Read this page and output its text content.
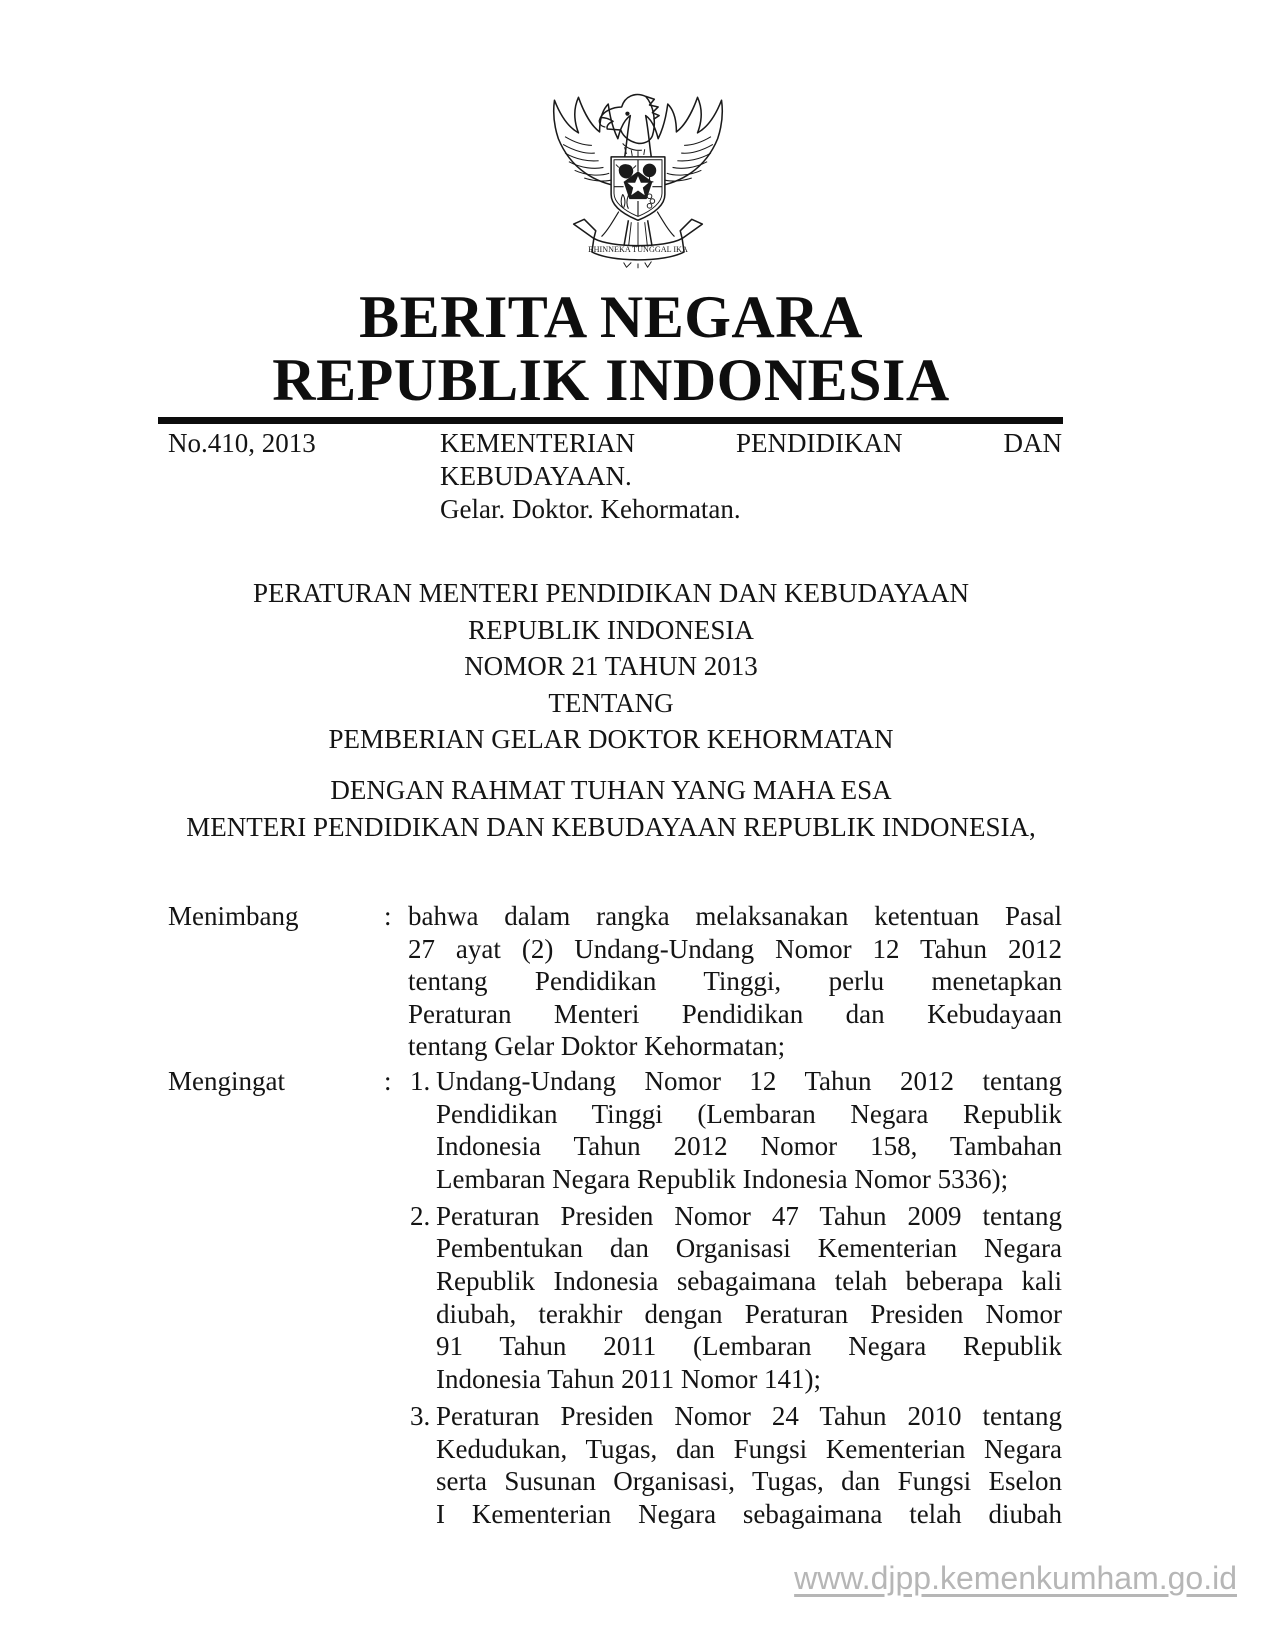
BHINNEKA TUNGGAL IKA
BERITA NEGARA
REPUBLIK INDONESIA
No.410, 2013	KEMENTERIAN PENDIDIKAN DAN KEBUDAYAAN.
Gelar. Doktor. Kehormatan.
PERATURAN MENTERI PENDIDIKAN DAN KEBUDAYAAN
REPUBLIK INDONESIA
NOMOR 21 TAHUN 2013
TENTANG
PEMBERIAN GELAR DOKTOR KEHORMATAN
DENGAN RAHMAT TUHAN YANG MAHA ESA
MENTERI PENDIDIKAN DAN KEBUDAYAAN REPUBLIK INDONESIA,
Menimbang	: bahwa dalam rangka melaksanakan ketentuan Pasal
27 ayat (2) Undang-Undang Nomor 12 Tahun 2012
tentang Pendidikan Tinggi, perlu menetapkan
Peraturan Menteri Pendidikan dan Kebudayaan
tentang Gelar Doktor Kehormatan;
Mengingat	: 1. Undang-Undang Nomor 12 Tahun 2012 tentang
Pendidikan Tinggi (Lembaran Negara Republik
Indonesia Tahun 2012 Nomor 158, Tambahan
Lembaran Negara Republik Indonesia Nomor 5336);
2. Peraturan Presiden Nomor 47 Tahun 2009 tentang
Pembentukan dan Organisasi Kementerian Negara
Republik Indonesia sebagaimana telah beberapa kali
diubah, terakhir dengan Peraturan Presiden Nomor
91 Tahun 2011 (Lembaran Negara Republik
Indonesia Tahun 2011 Nomor 141);
3. Peraturan Presiden Nomor 24 Tahun 2010 tentang
Kedudukan, Tugas, dan Fungsi Kementerian Negara
serta Susunan Organisasi, Tugas, dan Fungsi Eselon
I Kementerian Negara sebagaimana telah diubah
www.djpp.kemenkumham.go.id
